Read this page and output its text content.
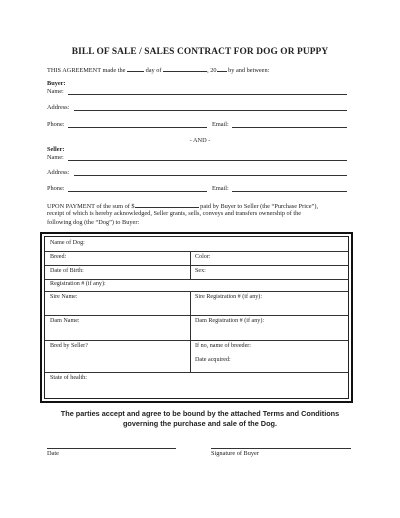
BILL OF SALE / SALES CONTRACT FOR DOG OR PUPPY
THIS AGREEMENT made the	day of	, 20 by and between:
Buyer:
Name:
Address:
Phone:	Email:
- AND -
Seller:
Name:
Address:
Phone:	Email:
UPON PAYMENT of the sum of $	paid by Buyer to Seller (the “Purchase Price”),
receipt of which is hereby acknowledged, Seller grants, sells, conveys and transfers ownership of the
following dog (the “Dog”) to Buyer:
Name of Dog:
Breed:	Color:
Date of Birth:	Sex:
Registration # (if any):
Sire Name:	Sire Registration # (if any):
Dam Name:	Dam Registration # (if any):
Bred by Seller?	If no, name of breeder:
Date acquired:
State of health:
The parties accept and agree to be bound by the attached Terms and Conditions
governing the purchase and sale of the Dog.
Date	Signature of Buyer
